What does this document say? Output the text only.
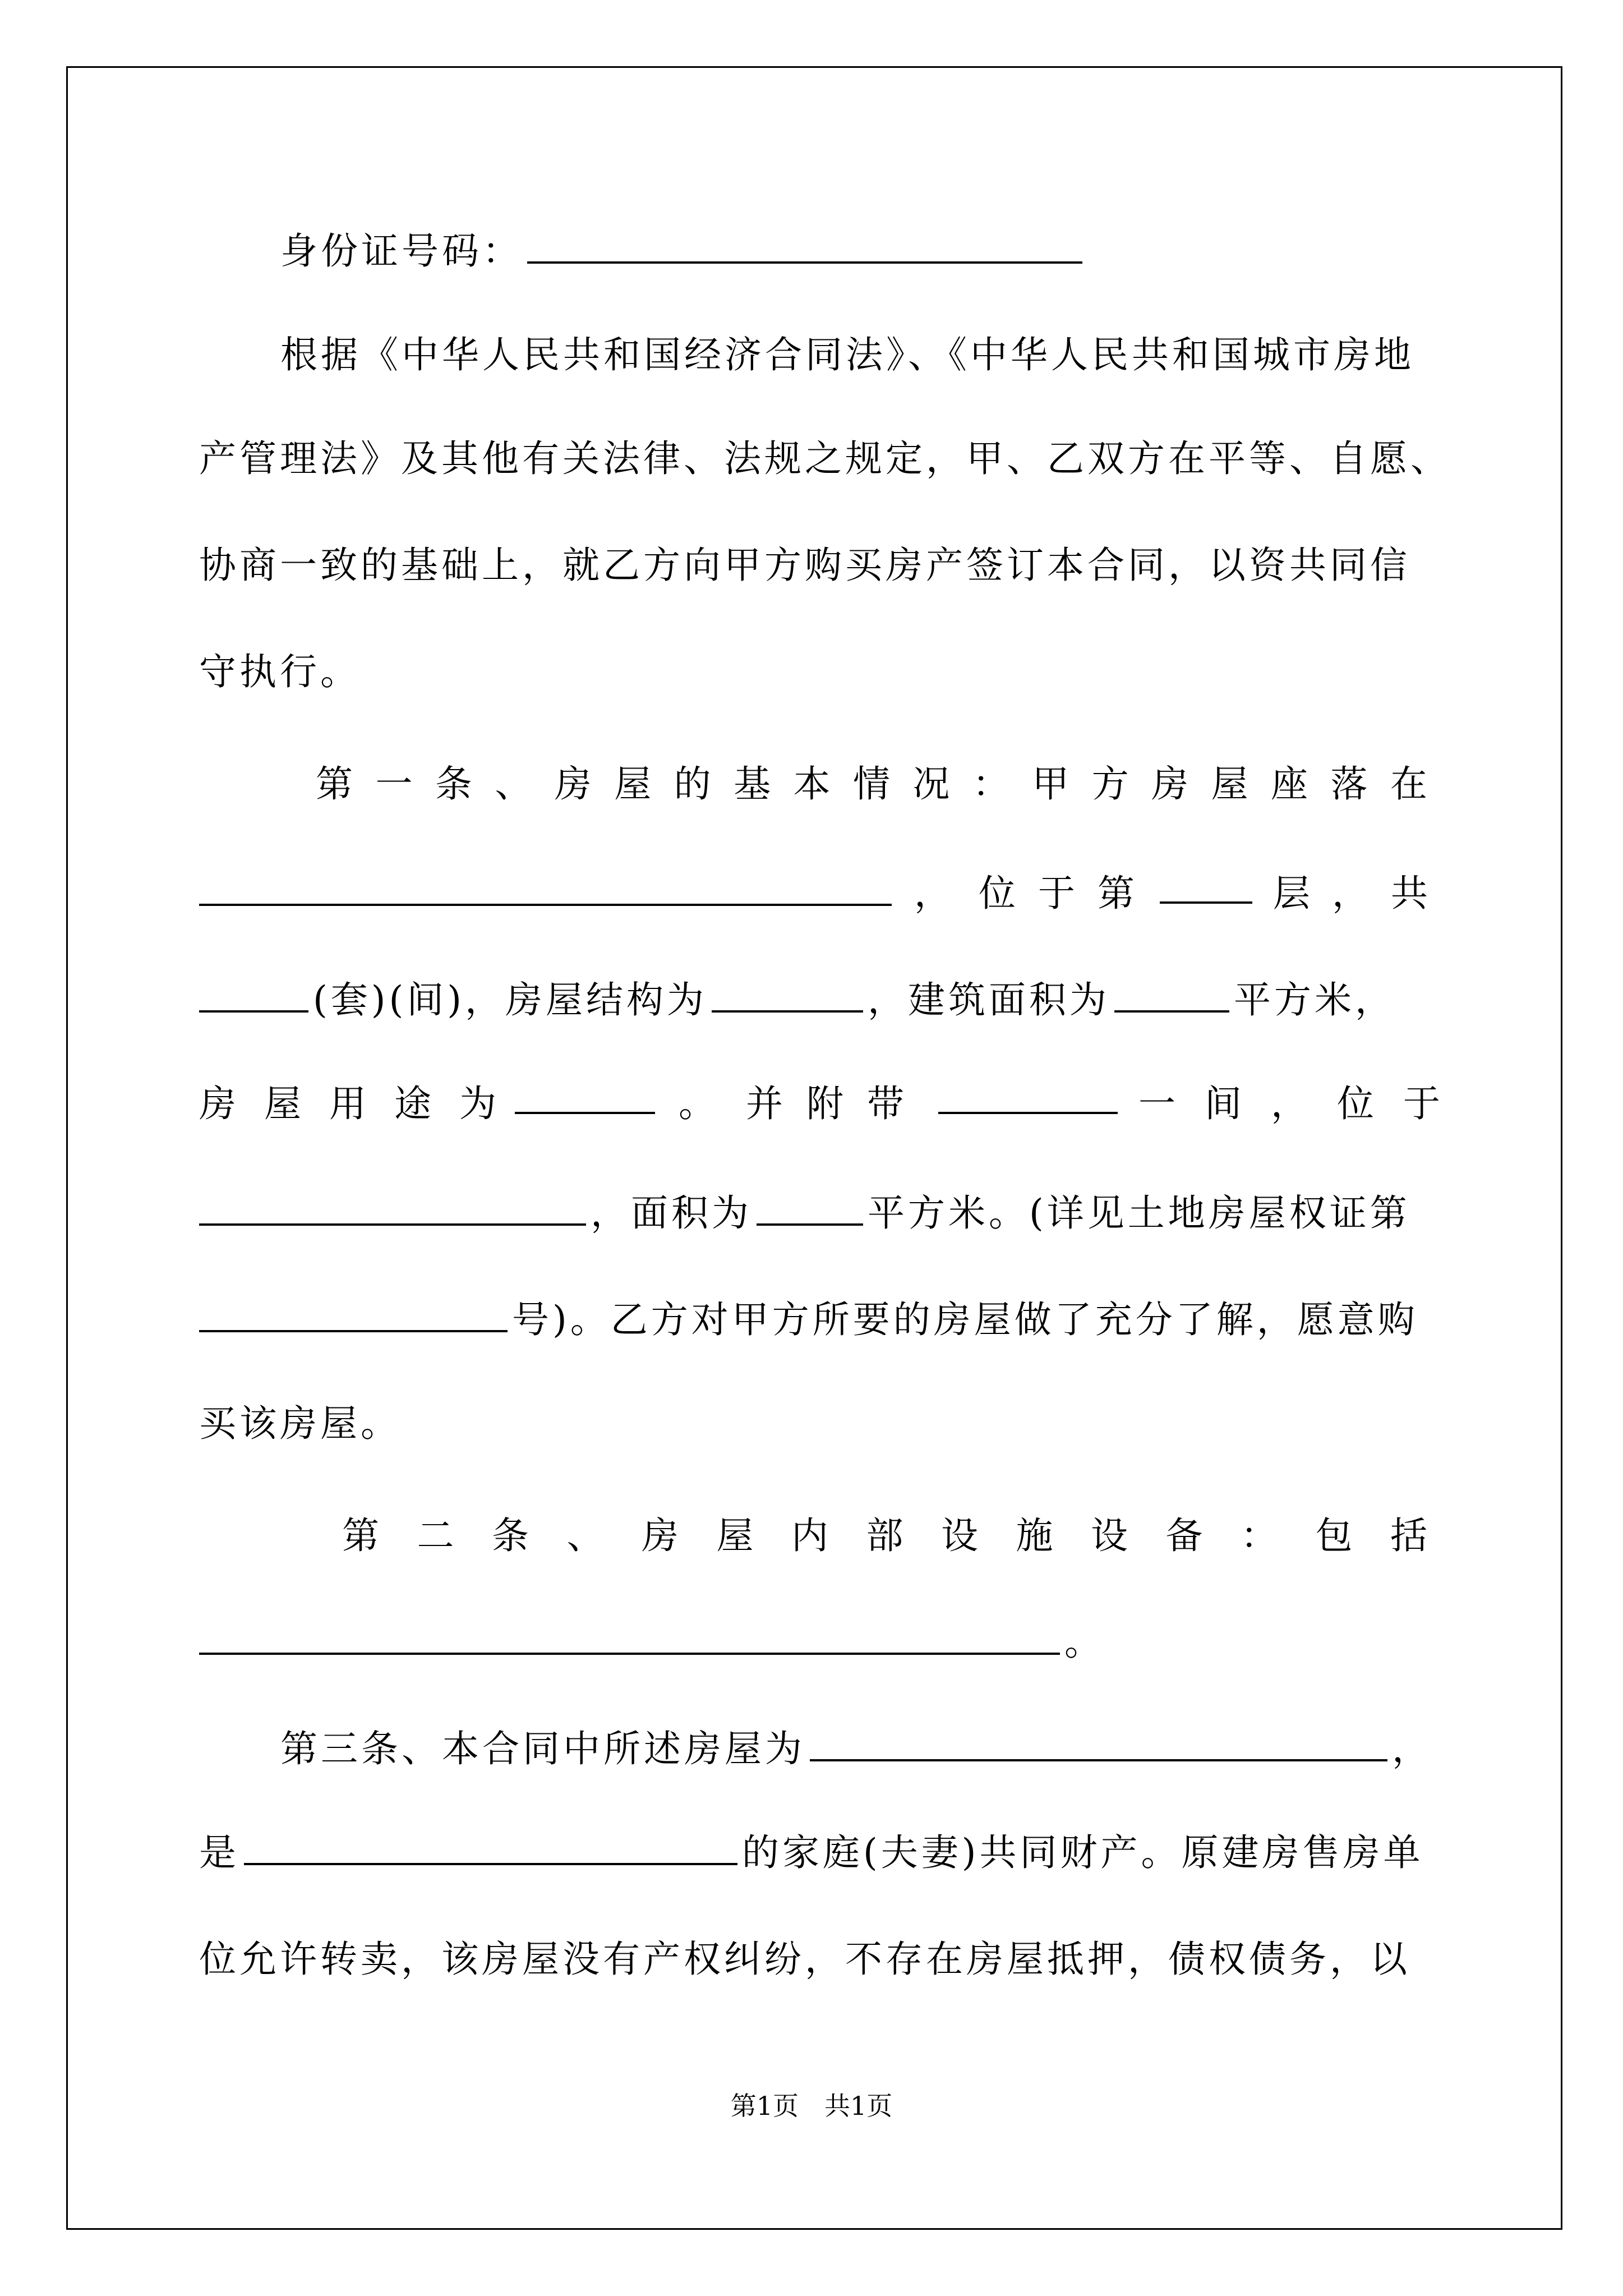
身份证号码：
根据《中华人民共和国经济合同法》、《中华人民共和国城市房地
产管理法》及其他有关法律、法规之规定，甲、乙双方在平等、自愿、
协商一致的基础上，就乙方向甲方购买房产签订本合同，以资共同信
守执行。
第 一 条 、 房 屋 的 基 本 情 况 ： 甲 方 房 屋 座 落 在
， 位于第	层 ， 共
(套)(间)，房屋结构为	，建筑面积为	平方米，
房屋用途为	。 并附带	一间，位于
，面积为	平方米。(详见土地房屋权证第
号)。乙方对甲方所要的房屋做了充分了解，愿意购
买该房屋。
第 二 条 、 房 屋 内 部 设 施 设 备 ： 包 括
。
第三条、本合同中所述房屋为	，
是	的家庭(夫妻)共同财产。原建房售房单
位允许转卖，该房屋没有产权纠纷，不存在房屋抵押，债权债务，以
第1页　共1页
